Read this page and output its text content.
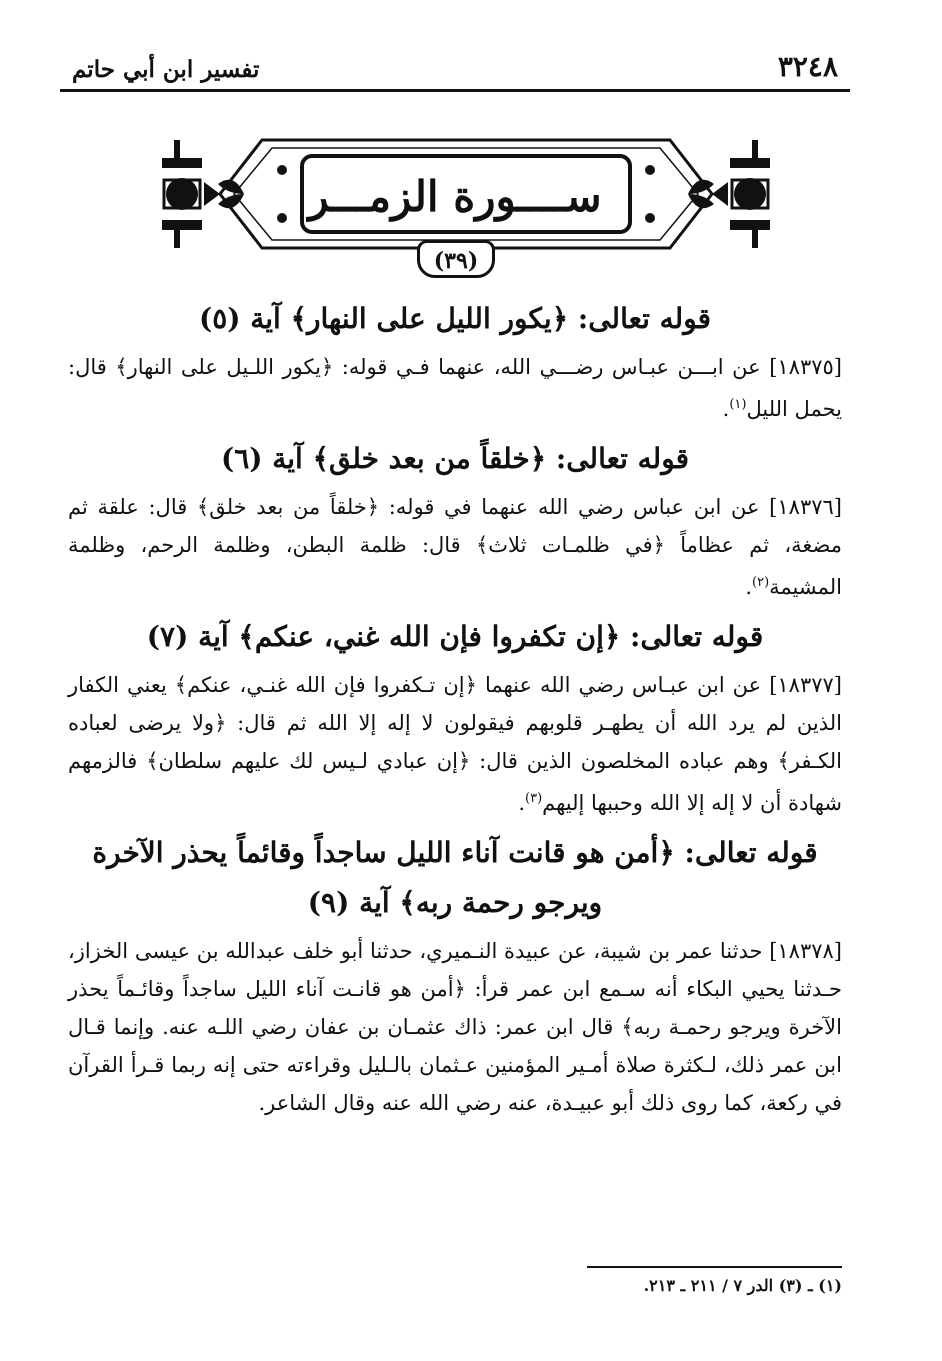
٣٢٤٨
تفسير ابن أبي حاتم
ســــورة الزمـــر
(٣٩)
قوله تعالى: ﴿يكور الليل على النهار﴾ آية (٥)

[١٨٣٧٥] عن ابـــن عبـاس رضـــي الله، عنهما فـي قوله: ﴿يكور اللـيل على النهار﴾ قال: يحمل الليل$^{(١)}$.

قوله تعالى: ﴿خلقاً من بعد خلق﴾ آية (٦)

[١٨٣٧٦] عن ابن عباس رضي الله عنهما في قوله: ﴿خلقاً من بعد خلق﴾ قال: علقة ثم مضغة، ثم عظاماً ﴿في ظلمـات ثلاث﴾ قال: ظلمة البطن، وظلمة الرحم، وظلمة المشيمة$^{(٢)}$.

قوله تعالى: ﴿إن تكفروا فإن الله غني، عنكم﴾ آية (٧)

[١٨٣٧٧] عن ابن عبـاس رضي الله عنهما ﴿إن تـكفروا فإن الله غنـي، عنكم﴾ يعني الكفار الذين لم يرد الله أن يطهـر قلوبهم فيقولون لا إله إلا الله ثم قال: ﴿ولا يرضى لعباده الكـفر﴾ وهم عباده المخلصون الذين قال: ﴿إن عبادي لـيس لك عليهم سلطان﴾ فالزمهم شهادة أن لا إله إلا الله وحببها إليهم$^{(٣)}$.

قوله تعالى: ﴿أمن هو قانت آناء الليل ساجداً وقائماً يحذر الآخرة ويرجو رحمة ربه﴾ آية (٩)

[١٨٣٧٨] حدثنا عمر بن شيبة، عن عبيدة النـميري، حدثنا أبو خلف عبدالله بن عيسى الخزاز، حـدثنا يحيي البكاء أنه سـمع ابن عمر قرأ: ﴿أمن هو قانـت آناء الليل ساجداً وقائـماً يحذر الآخرة ويرجو رحمـة ربه﴾ قال ابن عمر: ذاك عثمـان بن عفان رضي اللـه عنه. وإنما قـال ابن عمر ذلك، لـكثرة صلاة أمـير المؤمنين عـثمان بالـليل وقراءته حتى إنه ربما قـرأ القرآن في ركعة، كما روى ذلك أبو عبيـدة، عنه رضي الله عنه وقال الشاعر.

(١) ـ (٣) الدر ٧ / ٢١١ ـ ٢١٣.
